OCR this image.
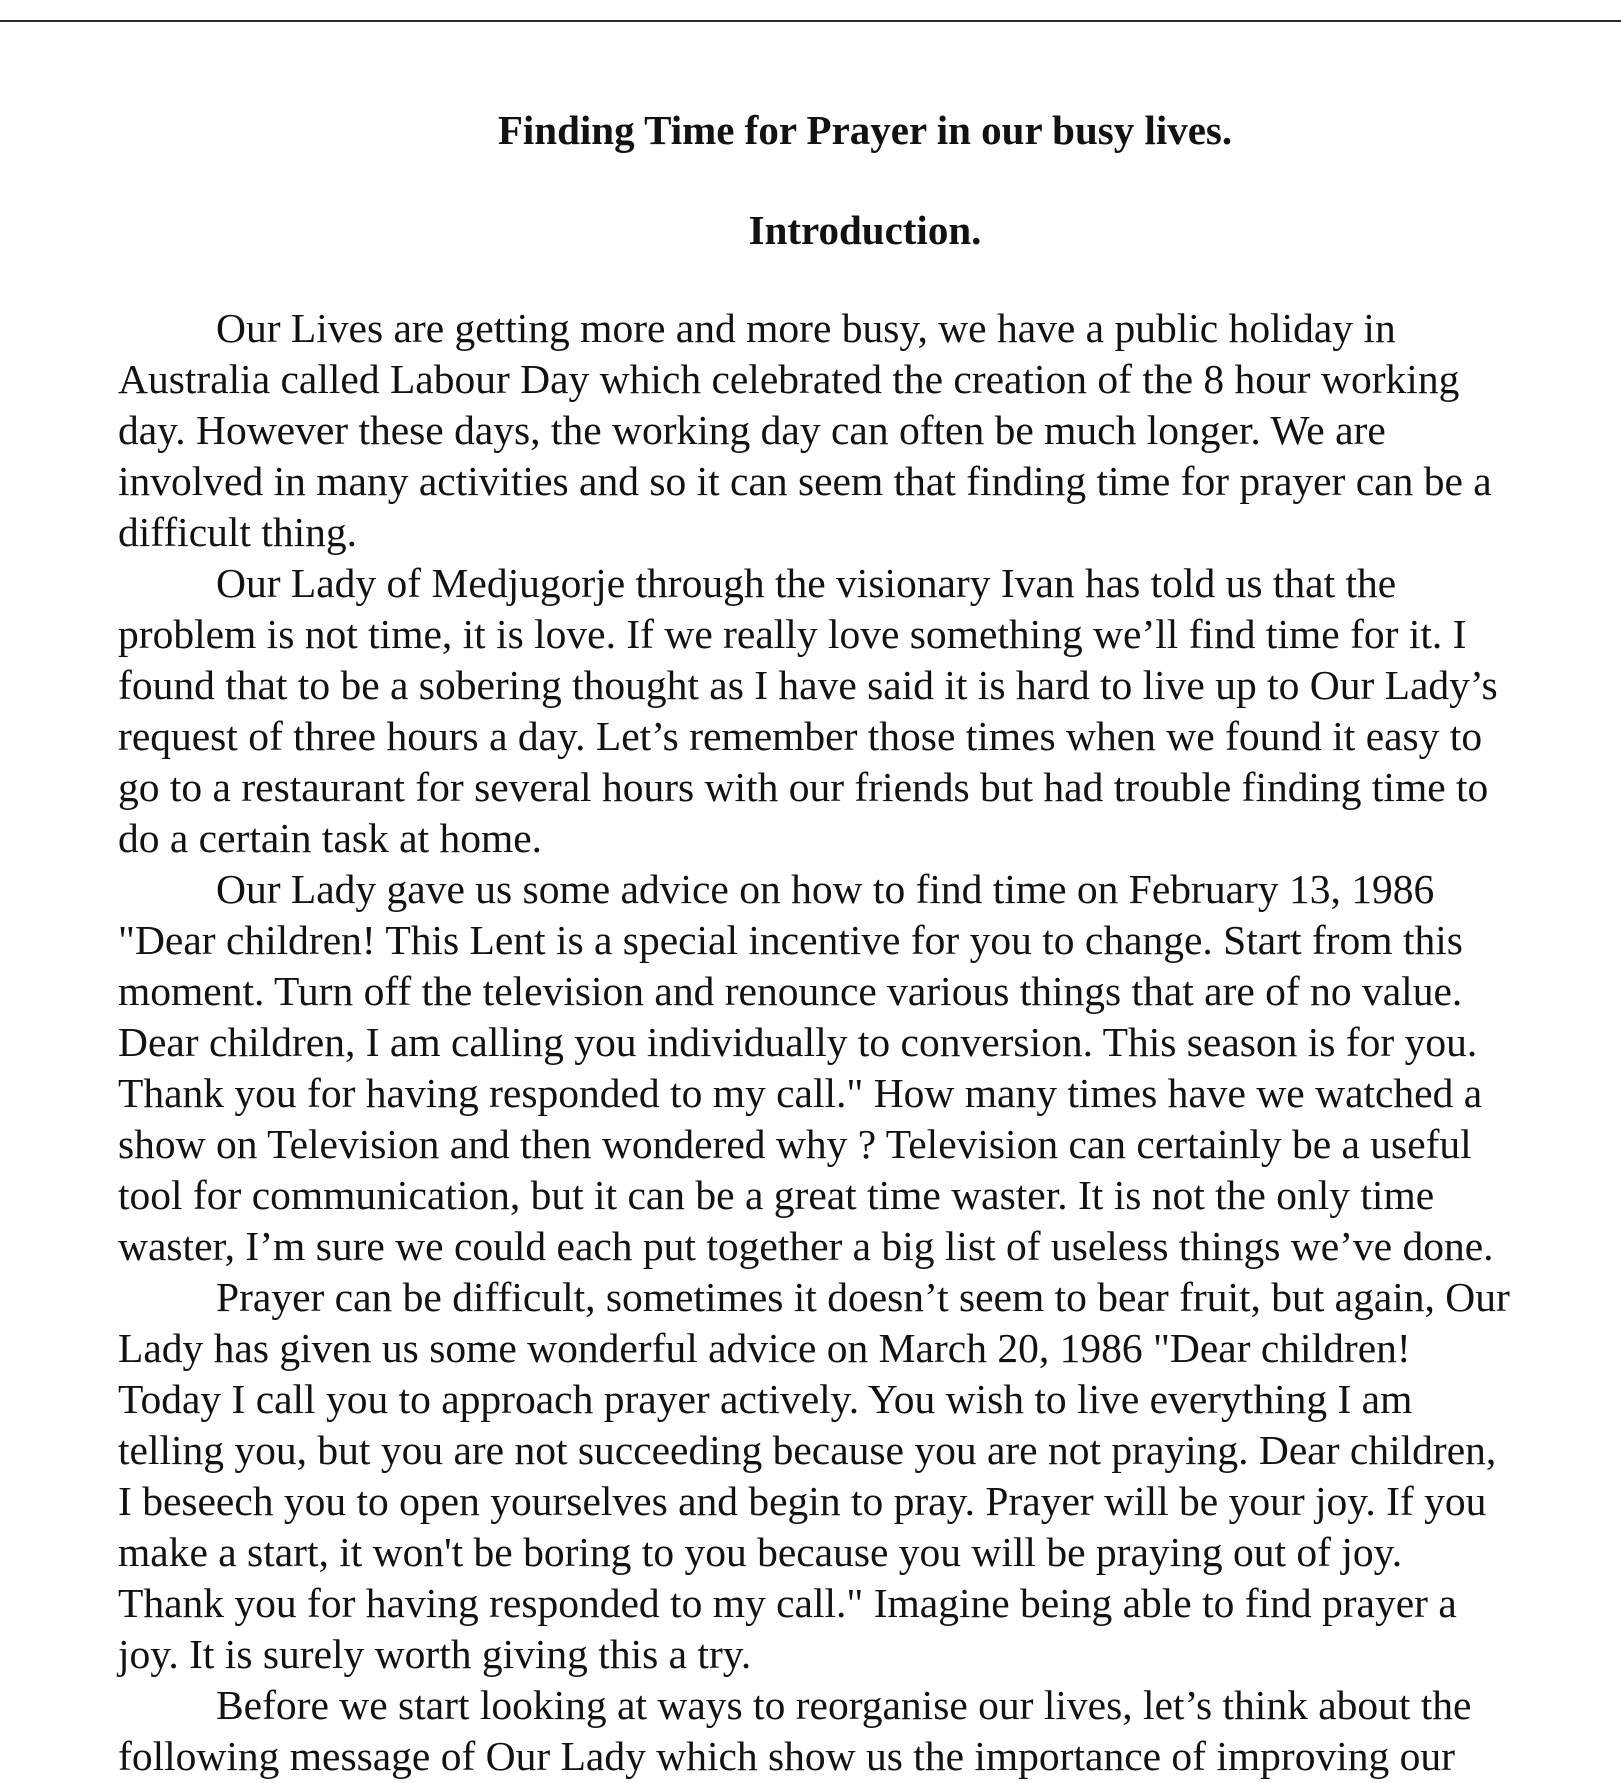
Finding Time for Prayer in our busy lives.
Introduction.

Our Lives are getting more and more busy, we have a public holiday in
Australia called Labour Day which celebrated the creation of the 8 hour working
day. However these days, the working day can often be much longer. We are
involved in many activities and so it can seem that finding time for prayer can be a
difficult thing.

Our Lady of Medjugorje through the visionary Ivan has told us that the
problem is not time, it is love. If we really love something we’ll find time for it. I
found that to be a sobering thought as I have said it is hard to live up to Our Lady’s
request of three hours a day. Let’s remember those times when we found it easy to
go to a restaurant for several hours with our friends but had trouble finding time to
do a certain task at home.

Our Lady gave us some advice on how to find time on February 13, 1986
"Dear children! This Lent is a special incentive for you to change. Start from this
moment. Turn off the television and renounce various things that are of no value.
Dear children, I am calling you individually to conversion. This season is for you.
Thank you for having responded to my call." How many times have we watched a
show on Television and then wondered why ? Television can certainly be a useful
tool for communication, but it can be a great time waster. It is not the only time
waster, I’m sure we could each put together a big list of useless things we’ve done.

Prayer can be difficult, sometimes it doesn’t seem to bear fruit, but again, Our
Lady has given us some wonderful advice on March 20, 1986 "Dear children!
Today I call you to approach prayer actively. You wish to live everything I am
telling you, but you are not succeeding because you are not praying. Dear children,
I beseech you to open yourselves and begin to pray. Prayer will be your joy. If you
make a start, it won't be boring to you because you will be praying out of joy.
Thank you for having responded to my call." Imagine being able to find prayer a
joy. It is surely worth giving this a try.

Before we start looking at ways to reorganise our lives, let’s think about the
following message of Our Lady which show us the importance of improving our
